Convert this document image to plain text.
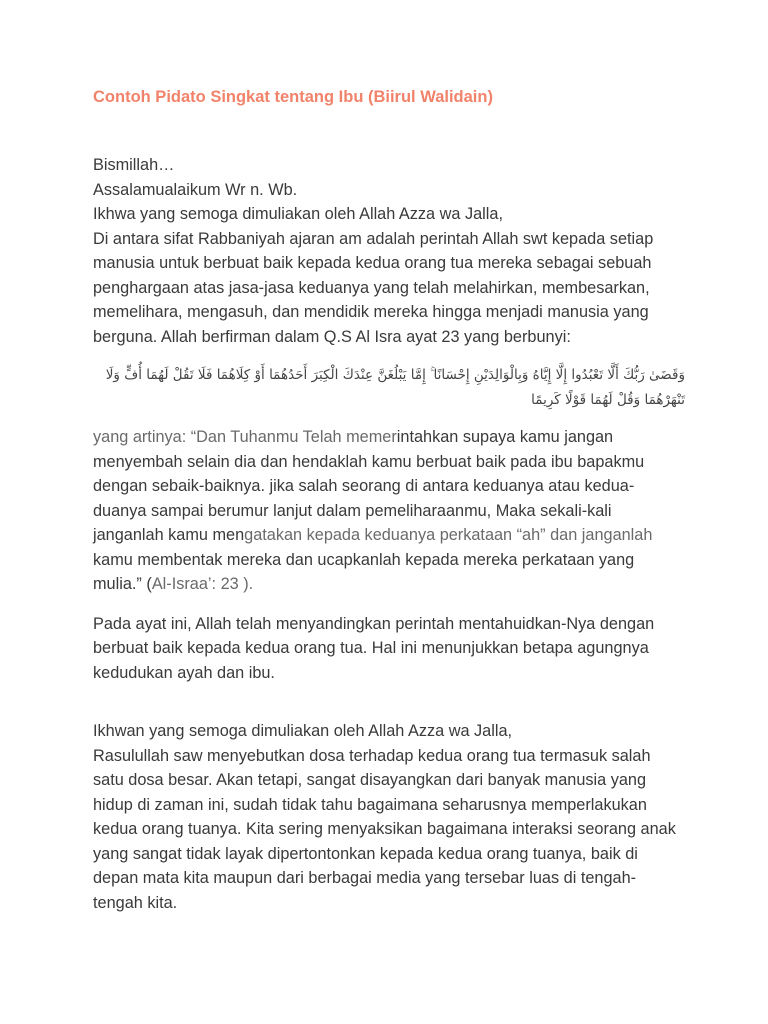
Contoh Pidato Singkat tentang Ibu (Biirul Walidain)

Bismillah…

Assalamualaikum Wr n. Wb.

Ikhwa yang semoga dimuliakan oleh Allah Azza wa Jalla,

Di antara sifat Rabbaniyah ajaran am adalah perintah Allah swt kepada setiap manusia untuk berbuat baik kepada kedua orang tua mereka sebagai sebuah penghargaan atas jasa-jasa keduanya yang telah melahirkan, membesarkan, memelihara, mengasuh, dan mendidik mereka hingga menjadi manusia yang berguna. Allah berfirman dalam Q.S Al Isra ayat 23 yang berbunyi:

وَقَضَىٰ رَبُّكَ أَلَّا تَعْبُدُوا إِلَّا إِيَّاهُ وَبِالْوَالِدَيْنِ إِحْسَانًا ۚ إِمَّا يَبْلُغَنَّ عِنْدَكَ الْكِبَرَ أَحَدُهُمَا أَوْ كِلَاهُمَا فَلَا تَقُلْ لَهُمَا أُفٍّ وَلَا تَنْهَرْهُمَا وَقُلْ لَهُمَا قَوْلًا كَرِيمًا

yang artinya: “Dan Tuhanmu Telah memerintahkan supaya kamu jangan menyembah selain dia dan hendaklah kamu berbuat baik pada ibu bapakmu dengan sebaik-baiknya. jika salah seorang di antara keduanya atau kedua-duanya sampai berumur lanjut dalam pemeliharaanmu, Maka sekali-kali janganlah kamu mengatakan kepada keduanya perkataan “ah” dan janganlah kamu membentak mereka dan ucapkanlah kepada mereka perkataan yang mulia.” (Al-Israa’: 23 ).

Pada ayat ini, Allah telah menyandingkan perintah mentahuidkan-Nya dengan berbuat baik kepada kedua orang tua. Hal ini menunjukkan betapa agungnya kedudukan ayah dan ibu.

Ikhwan yang semoga dimuliakan oleh Allah Azza wa Jalla,

Rasulullah saw menyebutkan dosa terhadap kedua orang tua termasuk salah satu dosa besar. Akan tetapi, sangat disayangkan dari banyak manusia yang hidup di zaman ini, sudah tidak tahu bagaimana seharusnya memperlakukan kedua orang tuanya. Kita sering menyaksikan bagaimana interaksi seorang anak yang sangat tidak layak dipertontonkan kepada kedua orang tuanya, baik di depan mata kita maupun dari berbagai media yang tersebar luas di tengah-tengah kita.
